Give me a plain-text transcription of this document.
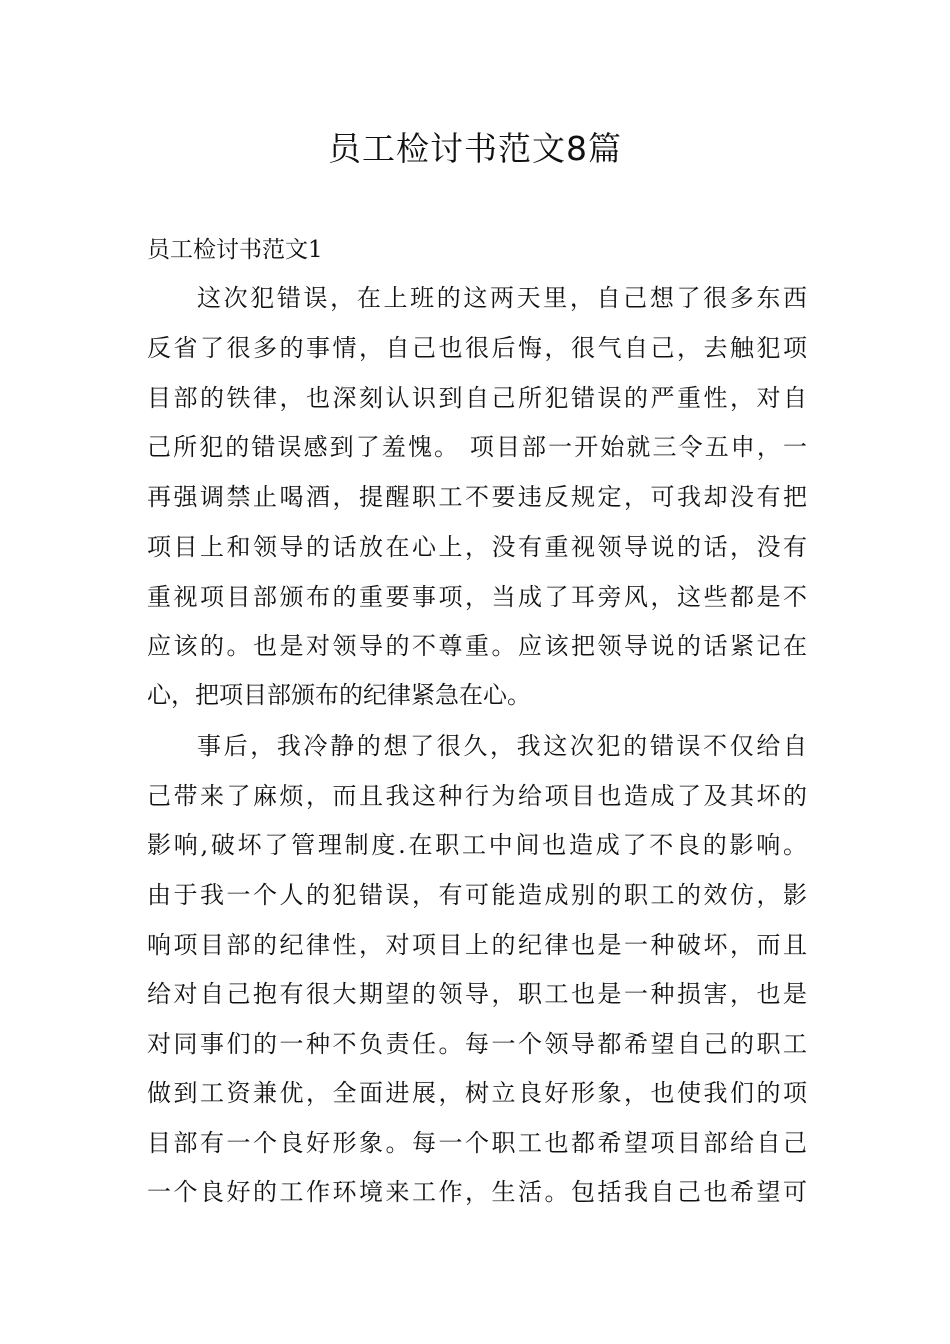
员工检讨书范文8篇
员工检讨书范文1

这次犯错误，在上班的这两天里，自己想了很多东西

反省了很多的事情，自己也很后悔，很气自己，去触犯项

目部的铁律，也深刻认识到自己所犯错误的严重性，对自

己所犯的错误感到了羞愧。 项目部一开始就三令五申，一

再强调禁止喝酒，提醒职工不要违反规定，可我却没有把

项目上和领导的话放在心上，没有重视领导说的话，没有

重视项目部颁布的重要事项，当成了耳旁风，这些都是不

应该的。也是对领导的不尊重。应该把领导说的话紧记在

心，把项目部颁布的纪律紧急在心。

事后，我冷静的想了很久，我这次犯的错误不仅给自

己带来了麻烦，而且我这种行为给项目也造成了及其坏的

影响,破坏了管理制度.在职工中间也造成了不良的影响。

由于我一个人的犯错误，有可能造成别的职工的效仿，影

响项目部的纪律性，对项目上的纪律也是一种破坏，而且

给对自己抱有很大期望的领导，职工也是一种损害，也是

对同事们的一种不负责任。每一个领导都希望自己的职工

做到工资兼优，全面进展，树立良好形象，也使我们的项

目部有一个良好形象。每一个职工也都希望项目部给自己

一个良好的工作环境来工作，生活。包括我自己也希望可
